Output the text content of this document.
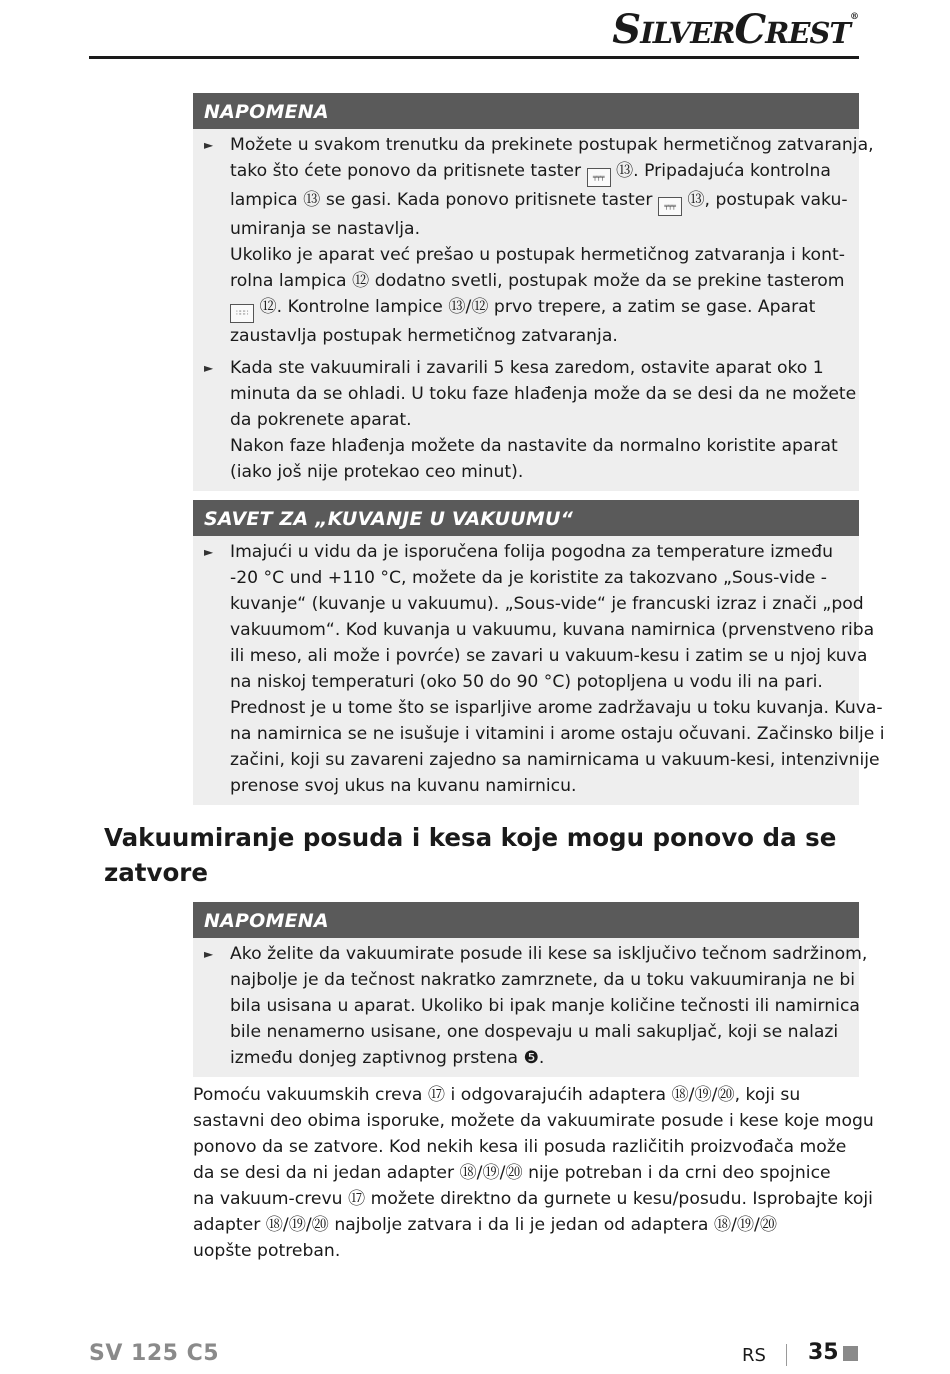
SILVERCREST®
NAPOMENA
► Možete u svakom trenutku da prekinete postupak hermetičnog zatvaranja,
tako što ćete ponovo da pritisnete taster ╤╤╤ ⑬. Pripadajuća kontrolna
lampica ⑬ se gasi. Kada ponovo pritisnete taster ╤╤╤ ⑬, postupak vaku-
umiranja se nastavlja.
Ukoliko je aparat već prešao u postupak hermetičnog zatvaranja i kont-
rolna lampica ⑫ dodatno svetli, postupak može da se prekine tasterom
∷∷∷ ⑫. Kontrolne lampice ⑬/⑫ prvo trepere, a zatim se gase. Aparat
zaustavlja postupak hermetičnog zatvaranja.
► Kada ste vakuumirali i zavarili 5 kesa zaredom, ostavite aparat oko 1
minuta da se ohladi. U toku faze hlađenja može da se desi da ne možete
da pokrenete aparat.
Nakon faze hlađenja možete da nastavite da normalno koristite aparat
(iako još nije protekao ceo minut).
SAVET ZA „KUVANJE U VAKUUMU“
► Imajući u vidu da je isporučena folija pogodna za temperature između
-20 °C und +110 °C, možete da je koristite za takozvano „Sous-vide -
kuvanje“ (kuvanje u vakuumu). „Sous-vide“ je francuski izraz i znači „pod
vakuumom“. Kod kuvanja u vakuumu, kuvana namirnica (prvenstveno riba
ili meso, ali može i povrće) se zavari u vakuum-kesu i zatim se u njoj kuva
na niskoj temperaturi (oko 50 do 90 °C) potopljena u vodu ili na pari.
Prednost je u tome što se isparljive arome zadržavaju u toku kuvanja. Kuva-
na namirnica se ne isušuje i vitamini i arome ostaju očuvani. Začinsko bilje i
začini, koji su zavareni zajedno sa namirnicama u vakuum-kesi, intenzivnije
prenose svoj ukus na kuvanu namirnicu.
Vakuumiranje posuda i kesa koje mogu ponovo da se
zatvore
NAPOMENA
► Ako želite da vakuumirate posude ili kese sa isključivo tečnom sadržinom,
najbolje je da tečnost nakratko zamrznete, da u toku vakuumiranja ne bi
bila usisana u aparat. Ukoliko bi ipak manje količine tečnosti ili namirnica
bile nenamerno usisane, one dospevaju u mali sakupljač, koji se nalazi
između donjeg zaptivnog prstena ❺.
Pomoću vakuumskih creva ⑰ i odgovarajućih adaptera ⑱/⑲/⑳, koji su
sastavni deo obima isporuke, možete da vakuumirate posude i kese koje mogu
ponovo da se zatvore. Kod nekih kesa ili posuda različitih proizvođača može
da se desi da ni jedan adapter ⑱/⑲/⑳ nije potreban i da crni deo spojnice
na vakuum-crevu ⑰ možete direktno da gurnete u kesu/posudu. Isprobajte koji
adapter ⑱/⑲/⑳ najbolje zatvara i da li je jedan od adaptera ⑱/⑲/⑳
uopšte potreban.
SV 125 C5	RS 35
